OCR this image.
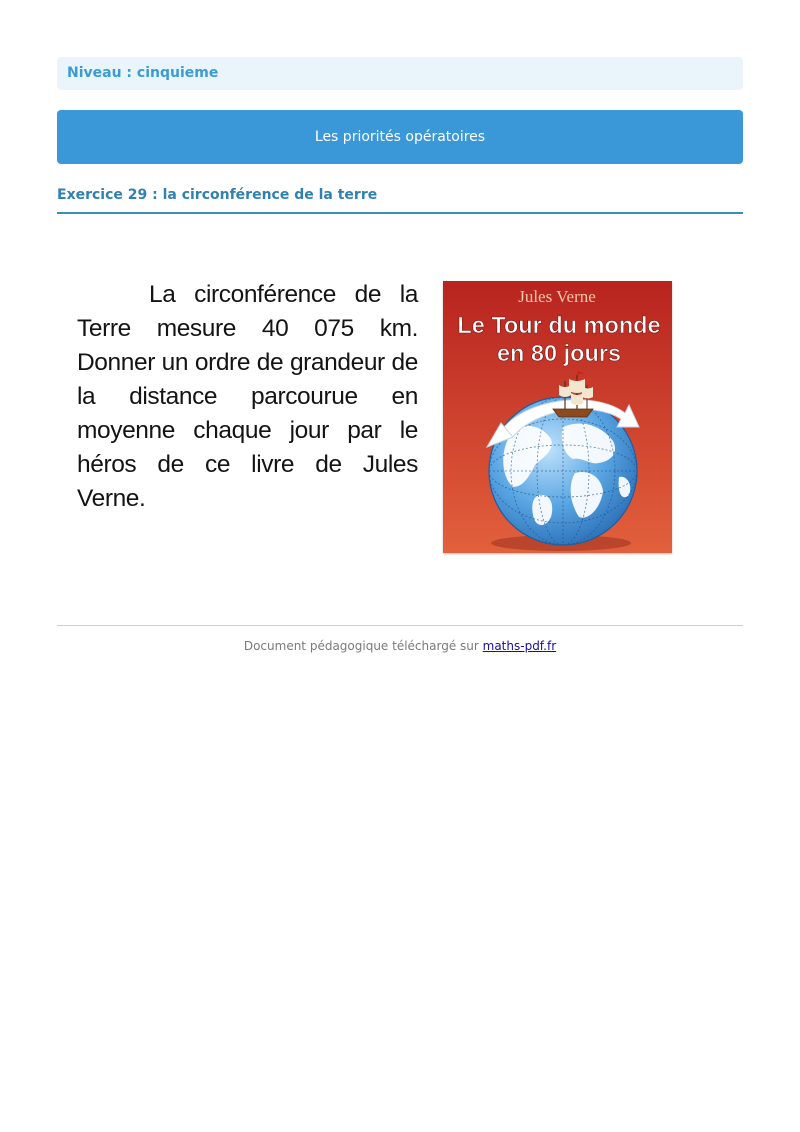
Niveau : cinquieme
Les priorités opératoires
Exercice 29 : la circonférence de la terre

La circonférence de la Terre mesure 40 075 km. Donner un ordre de grandeur de la distance parcourue en moyenne chaque jour par le héros de ce livre de Jules Verne.

Jules Verne
Le Tour du monde
en 80 jours
Document pédagogique téléchargé sur maths-pdf.fr
